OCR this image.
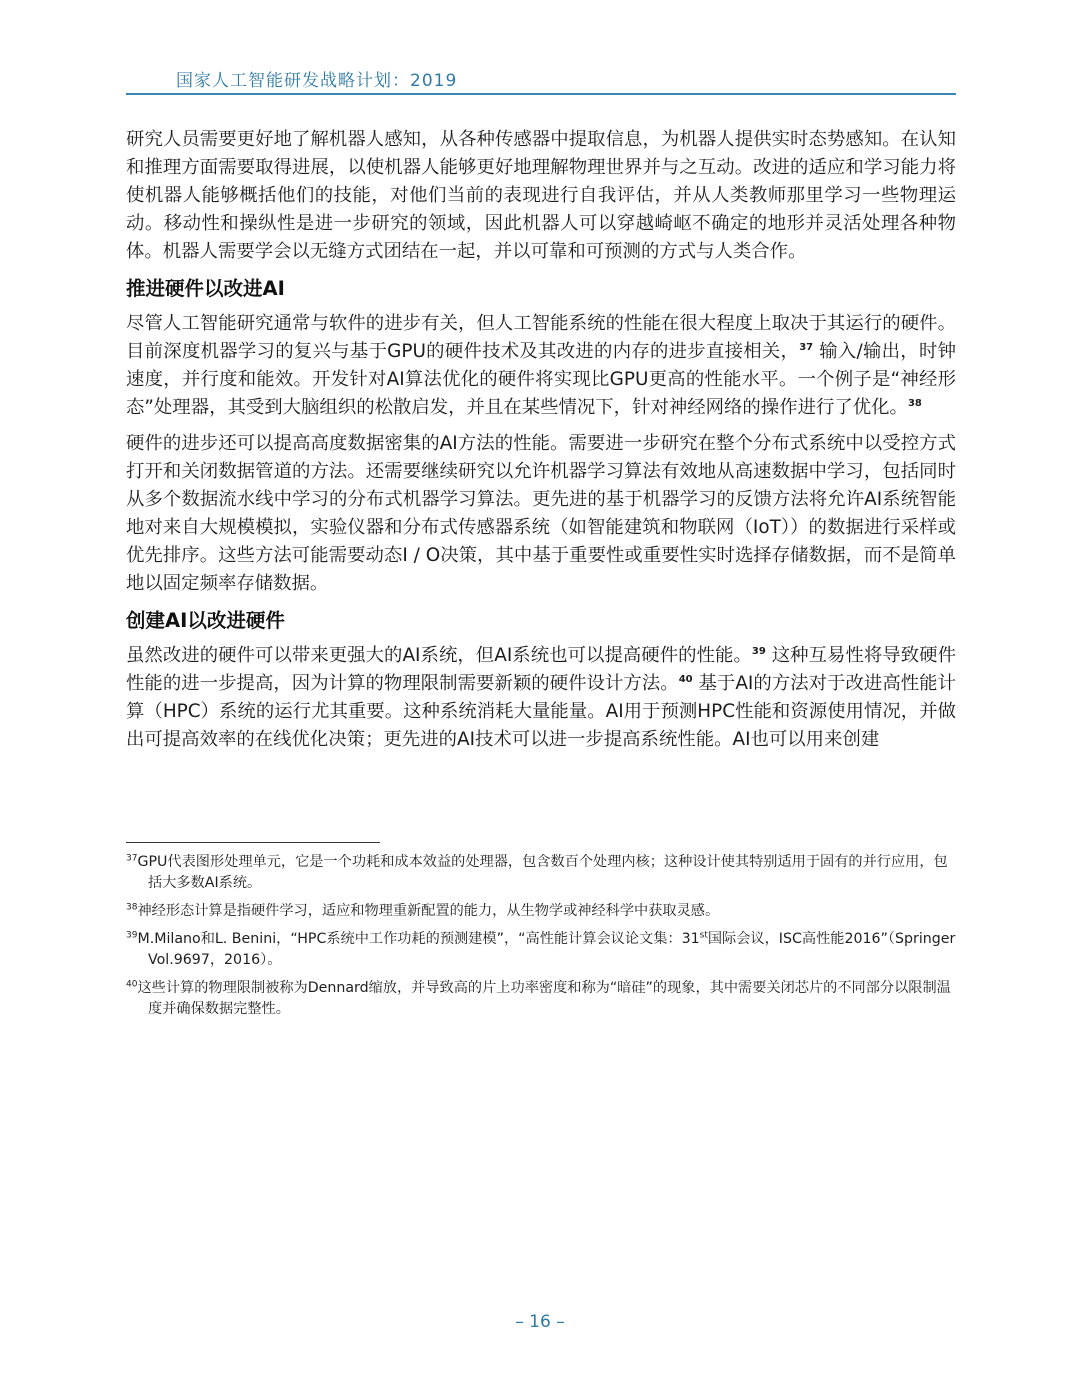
国家人工智能研发战略计划：2019

研究人员需要更好地了解机器人感知，从各种传感器中提取信息，为机器人提供实时态势感知。在认知和推理方面需要取得进展，以使机器人能够更好地理解物理世界并与之互动。改进的适应和学习能力将使机器人能够概括他们的技能，对他们当前的表现进行自我评估，并从人类教师那里学习一些物理运动。移动性和操纵性是进一步研究的领域，因此机器人可以穿越崎岖不确定的地形并灵活处理各种物体。机器人需要学会以无缝方式团结在一起，并以可靠和可预测的方式与人类合作。

推进硬件以改进AI

尽管人工智能研究通常与软件的进步有关，但人工智能系统的性能在很大程度上取决于其运行的硬件。目前深度机器学习的复兴与基于GPU的硬件技术及其改进的内存的进步直接相关，$^{37}$ 输入/输出，时钟速度，并行度和能效。开发针对AI算法优化的硬件将实现比GPU更高的性能水平。一个例子是“神经形态”处理器，其受到大脑组织的松散启发，并且在某些情况下，针对神经网络的操作进行了优化。$^{38}$

硬件的进步还可以提高高度数据密集的AI方法的性能。需要进一步研究在整个分布式系统中以受控方式打开和关闭数据管道的方法。还需要继续研究以允许机器学习算法有效地从高速数据中学习，包括同时从多个数据流水线中学习的分布式机器学习算法。更先进的基于机器学习的反馈方法将允许AI系统智能地对来自大规模模拟，实验仪器和分布式传感器系统（如智能建筑和物联网（IoT））的数据进行采样或优先排序。这些方法可能需要动态I / O决策，其中基于重要性或重要性实时选择存储数据，而不是简单地以固定频率存储数据。

创建AI以改进硬件

虽然改进的硬件可以带来更强大的AI系统，但AI系统也可以提高硬件的性能。$^{39}$ 这种互易性将导致硬件性能的进一步提高，因为计算的物理限制需要新颖的硬件设计方法。$^{40}$ 基于AI的方法对于改进高性能计算（HPC）系统的运行尤其重要。这种系统消耗大量能量。AI用于预测HPC性能和资源使用情况，并做出可提高效率的在线优化决策；更先进的AI技术可以进一步提高系统性能。AI也可以用来创建

$^{37}$GPU代表图形处理单元，它是一个功耗和成本效益的处理器，包含数百个处理内核；这种设计使其特别适用于固有的并行应用，包括大多数AI系统。

$^{38}$神经形态计算是指硬件学习，适应和物理重新配置的能力，从生物学或神经科学中获取灵感。

$^{39}$M.Milano和L. Benini，“HPC系统中工作功耗的预测建模”，“高性能计算会议论文集：31st国际会议，ISC高性能2016”（Springer Vol.9697，2016）。

$^{40}$这些计算的物理限制被称为Dennard缩放，并导致高的片上功率密度和称为“暗硅”的现象，其中需要关闭芯片的不同部分以限制温度并确保数据完整性。

– 16 –
